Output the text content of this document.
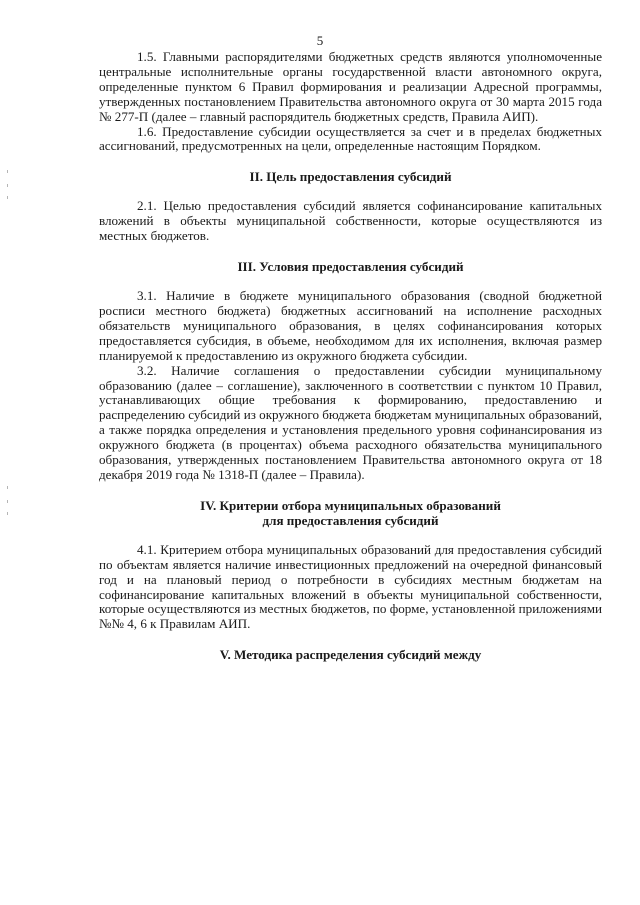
5

1.5. Главными распорядителями бюджетных средств являются уполномоченные центральные исполнительные органы государственной власти автономного округа, определенные пунктом 6 Правил формирования и реализации Адресной программы, утвержденных постановлением Правительства автономного округа от 30 марта 2015 года № 277-П (далее – главный распорядитель бюджетных средств, Правила АИП).

1.6. Предоставление субсидии осуществляется за счет и в пределах бюджетных ассигнований, предусмотренных на цели, определенные настоящим Порядком.

II. Цель предоставления субсидий

2.1. Целью предоставления субсидий является софинансирование капитальных вложений в объекты муниципальной собственности, которые осуществляются из местных бюджетов.

III. Условия предоставления субсидий

3.1. Наличие в бюджете муниципального образования (сводной бюджетной росписи местного бюджета) бюджетных ассигнований на исполнение расходных обязательств муниципального образования, в целях софинансирования которых предоставляется субсидия, в объеме, необходимом для их исполнения, включая размер планируемой к предоставлению из окружного бюджета субсидии.

3.2. Наличие соглашения о предоставлении субсидии муниципальному образованию (далее – соглашение), заключенного в соответствии с пунктом 10 Правил, устанавливающих общие требования к формированию, предоставлению и распределению субсидий из окружного бюджета бюджетам муниципальных образований, а также порядка определения и установления предельного уровня софинансирования из окружного бюджета (в процентах) объема расходного обязательства муниципального образования, утвержденных постановлением Правительства автономного округа от 18 декабря 2019 года № 1318-П (далее – Правила).

IV. Критерии отбора муниципальных образований
для предоставления субсидий

4.1. Критерием отбора муниципальных образований для предоставления субсидий по объектам является наличие инвестиционных предложений на очередной финансовый год и на плановый период о потребности в субсидиях местным бюджетам на софинансирование капитальных вложений в объекты муниципальной собственности, которые осуществляются из местных бюджетов, по форме, установленной приложениями №№ 4, 6 к Правилам АИП.

V. Методика распределения субсидий между
